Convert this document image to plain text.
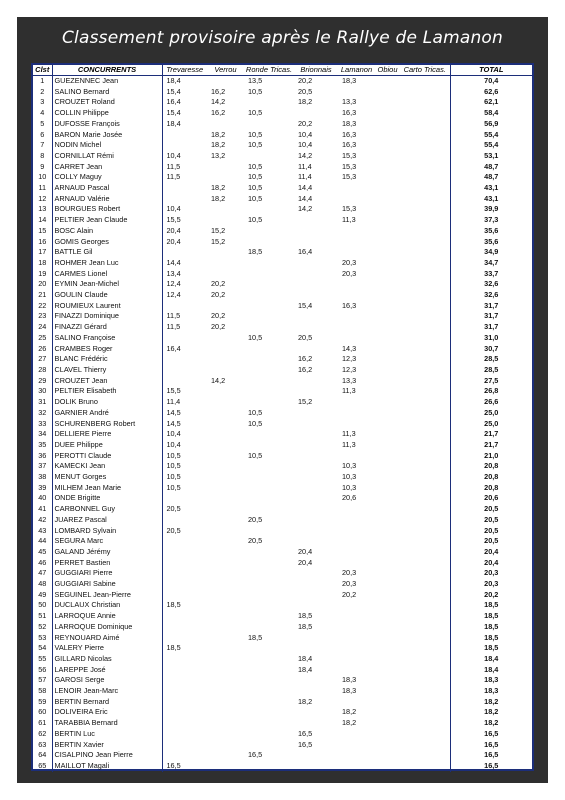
Classement provisoire après le Rallye de Lamanon
Clst	CONCURRENTS	Trevaresse	Verrou	Ronde Tricas.	Brionnais	Lamanon	Obiou	Carto Tricas.	TOTAL
1	GUEZENNEC Jean	18,4		13,5	20,2	18,3			70,4
2	SALINO Bernard	15,4	16,2	10,5	20,5				62,6
3	CROUZET Roland	16,4	14,2		18,2	13,3			62,1
4	COLLIN Philippe	15,4	16,2	10,5		16,3			58,4
5	DUFOSSE François	18,4			20,2	18,3			56,9
6	BARON Marie Josée		18,2	10,5	10,4	16,3			55,4
7	NODIN Michel		18,2	10,5	10,4	16,3			55,4
8	CORNILLAT Rémi	10,4	13,2		14,2	15,3			53,1
9	CARRET Jean	11,5		10,5	11,4	15,3			48,7
10	COLLY Maguy	11,5		10,5	11,4	15,3			48,7
11	ARNAUD Pascal		18,2	10,5	14,4				43,1
12	ARNAUD Valérie		18,2	10,5	14,4				43,1
13	BOURGUES Robert	10,4			14,2	15,3			39,9
14	PELTIER Jean Claude	15,5		10,5		11,3			37,3
15	BOSC Alain	20,4	15,2						35,6
16	GOMIS Georges	20,4	15,2						35,6
17	BATTLE Gil			18,5	16,4				34,9
18	ROHMER Jean Luc	14,4				20,3			34,7
19	CARMES Lionel	13,4				20,3			33,7
20	EYMIN Jean-Michel	12,4	20,2						32,6
21	GOULIN Claude	12,4	20,2						32,6
22	ROUMIEUX Laurent				15,4	16,3			31,7
23	FINAZZI Dominique	11,5	20,2						31,7
24	FINAZZI Gérard	11,5	20,2						31,7
25	SALINO Françoise			10,5	20,5				31,0
26	CRAMBES Roger	16,4				14,3			30,7
27	BLANC Frédéric				16,2	12,3			28,5
28	CLAVEL Thierry				16,2	12,3			28,5
29	CROUZET Jean		14,2			13,3			27,5
30	PELTIER Elisabeth	15,5				11,3			26,8
31	DOLIK Bruno	11,4			15,2				26,6
32	GARNIER André	14,5		10,5					25,0
33	SCHURENBERG Robert	14,5		10,5					25,0
34	DELLIERE Pierre	10,4				11,3			21,7
35	DUEE Philippe	10,4				11,3			21,7
36	PEROTTI Claude	10,5		10,5					21,0
37	KAMECKI Jean	10,5				10,3			20,8
38	MENUT Gorges	10,5				10,3			20,8
39	MILHEM Jean Marie	10,5				10,3			20,8
40	ONDE Brigitte					20,6			20,6
41	CARBONNEL Guy	20,5							20,5
42	JUAREZ Pascal			20,5					20,5
43	LOMBARD Sylvain	20,5							20,5
44	SEGURA Marc			20,5					20,5
45	GALAND Jérémy				20,4				20,4
46	PERRET Bastien				20,4				20,4
47	GUGGIARI Pierre					20,3			20,3
48	GUGGIARI Sabine					20,3			20,3
49	SEGUINEL Jean-Pierre					20,2			20,2
50	DUCLAUX Christian	18,5							18,5
51	LARROQUE Annie				18,5				18,5
52	LARROQUE Dominique				18,5				18,5
53	REYNOUARD Aimé			18,5					18,5
54	VALERY Pierre	18,5							18,5
55	GILLARD Nicolas				18,4				18,4
56	LAREPPE José				18,4				18,4
57	GAROSI Serge					18,3			18,3
58	LENOIR Jean-Marc					18,3			18,3
59	BERTIN Bernard				18,2				18,2
60	DOLIVEIRA Eric					18,2			18,2
61	TARABBIA Bernard					18,2			18,2
62	BERTIN Luc				16,5				16,5
63	BERTIN Xavier				16,5				16,5
64	CISALPINO Jean Pierre			16,5					16,5
65	MAILLOT Magali	16,5							16,5
